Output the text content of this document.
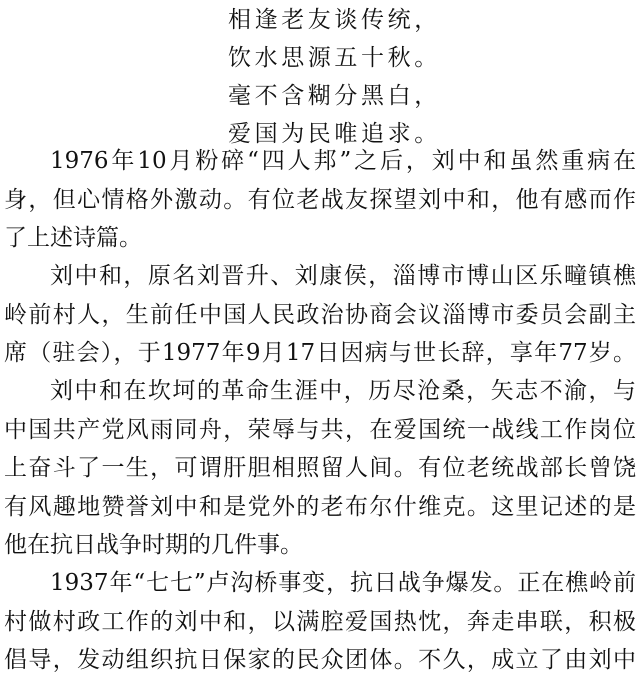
相逢老友谈传统，
饮水思源五十秋。
毫不含糊分黑白，
爱国为民唯追求。

1976年10月粉碎“四人邦”之后，刘中和虽然重病在
身，但心情格外激动。有位老战友探望刘中和，他有感而作
了上述诗篇。

刘中和，原名刘晋升、刘康侯，淄博市博山区乐疃镇樵
岭前村人，生前任中国人民政治协商会议淄博市委员会副主
席（驻会），于1977年9月17日因病与世长辞，享年77岁。

刘中和在坎坷的革命生涯中，历尽沧桑，矢志不渝，与
中国共产党风雨同舟，荣辱与共，在爱国统一战线工作岗位
上奋斗了一生，可谓肝胆相照留人间。有位老统战部长曾饶
有风趣地赞誉刘中和是党外的老布尔什维克。这里记述的是
他在抗日战争时期的几件事。

1937年“七七”卢沟桥事变，抗日战争爆发。正在樵岭前
村做村政工作的刘中和，以满腔爱国热忱，奔走串联，积极
倡导，发动组织抗日保家的民众团体。不久，成立了由刘中
